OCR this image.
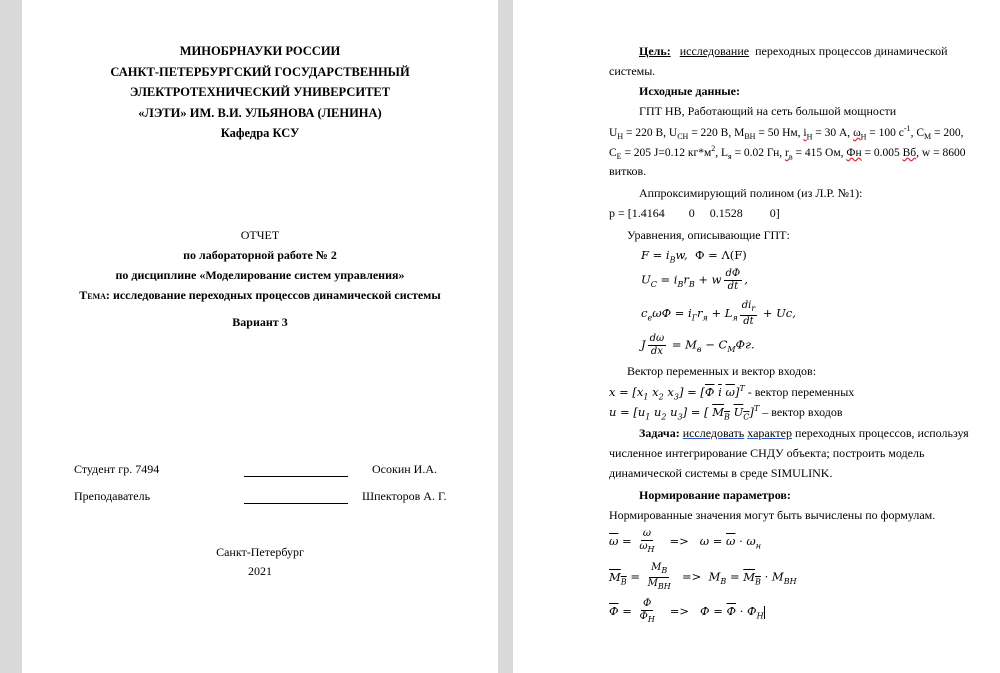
МИНОБРНАУКИ РОССИИ
САНКТ-ПЕТЕРБУРГСКИЙ ГОСУДАРСТВЕННЫЙ
ЭЛЕКТРОТЕХНИЧЕСКИЙ УНИВЕРСИТЕТ
«ЛЭТИ» ИМ. В.И. УЛЬЯНОВА (ЛЕНИНА)
Кафедра КСУ
ОТЧЕТ
по лабораторной работе № 2
по дисциплине «Моделирование систем управления»
Тема: исследование переходных процессов динамической системы
Вариант 3
Студент гр. 7494	Осокин И.А.
Преподаватель	Шпекторов А. Г.
Санкт-Петербург
2021
Цель: исследование переходных процессов динамической
системы.
Исходные данные:
ГПТ НВ, Работающий на сеть большой мощности
$U_Н = 220$ В, $U_{СН} = 220$ В, $M_{ВН} = 50$ Нм, $i_Н = 30$ A, $\omega_Н = 100$ $с^{-1}$, $C_M = 200$,
$C_E = 205$ J=0.12 $кг*м^2$, $L_я = 0.02$ Гн, $r_в = 415$ Ом, Фн = 0.005 Вб, w = 8600
витков.
Аппроксимирующий полином (из Л.Р. №1):
p = [1.4164        0     0.1528         0]
Уравнения, описывающие ГПТ:
$F = i_Bw$,  Ф = Λ(F)
$U_С = i_Br_B + w \frac{dФ}{dt}$ ,
$c_e\omega Ф = i_Гr_я + L_я \frac{di_r}{dt} + Uc$,
J $\frac{d\omega}{dx} = M_в - C_MФг$.
Вектор переменных и вектор входов:
$x = [x_1$ $x_2$ $x_3] = [Ф$ $\overline{i}$ $\overline{\omega}]^T$ - вектор переменных
$u = [u_1$ $u_2$ $u_3$] = [ $M_B$ $U_C]^T$ – вектор входов
Задача: исследовать характер переходных процессов, используя
численное интегрирование СНДУ объекта; построить модель
динамической системы в среде SIMULINK.
Нормирование параметров:
Нормированные значения могут быть вычислены по формулам.
$\overline{\omega} = \frac{\omega}{\omega_Н} => \omega = \overline{\omega} \cdot \omega_н$
$M_B = \frac{M_B}{M_{BН}} => M_B = M_B \cdot M_{BН}$
$Ф = \frac{Ф}{Ф_Н} => Ф = Ф \cdot Ф_Н$
